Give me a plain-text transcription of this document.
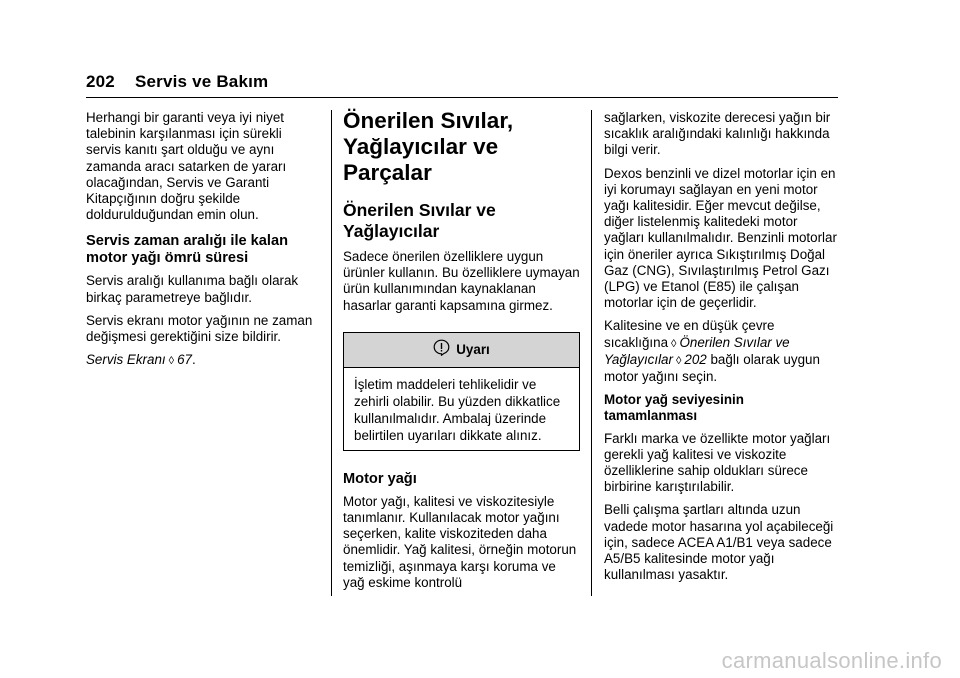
202 Servis ve Bakım

Herhangi bir garanti veya iyi niyet talebinin karşılanması için sürekli servis kanıtı şart olduğu ve aynı zamanda aracı satarken de yararı olacağından, Servis ve Garanti Kitapçığının doğru şekilde doldurulduğundan emin olun.

Servis zaman aralığı ile kalan motor yağı ömrü süresi

Servis aralığı kullanıma bağlı olarak birkaç parametreye bağlıdır.

Servis ekranı motor yağının ne zaman değişmesi gerektiğini size bildirir.

Servis Ekranı ◊ 67.

Önerilen Sıvılar, Yağlayıcılar ve Parçalar
Önerilen Sıvılar ve Yağlayıcılar

Sadece önerilen özelliklere uygun ürünler kullanın. Bu özelliklere uymayan ürün kullanımından kaynaklanan hasarlar garanti kapsamına girmez.

Uyarı
İşletim maddeleri tehlikelidir ve zehirli olabilir. Bu yüzden dikkatlice kullanılmalıdır. Ambalaj üzerinde belirtilen uyarıları dikkate alınız.
Motor yağı

Motor yağı, kalitesi ve viskozitesiyle tanımlanır. Kullanılacak motor yağını seçerken, kalite viskoziteden daha önemlidir. Yağ kalitesi, örneğin motorun temizliği, aşınmaya karşı koruma ve yağ eskime kontrolü

sağlarken, viskozite derecesi yağın bir sıcaklık aralığındaki kalınlığı hakkında bilgi verir.

Dexos benzinli ve dizel motorlar için en iyi korumayı sağlayan en yeni motor yağı kalitesidir. Eğer mevcut değilse, diğer listelenmiş kalitedeki motor yağları kullanılmalıdır. Benzinli motorlar için öneriler ayrıca Sıkıştırılmış Doğal Gaz (CNG), Sıvılaştırılmış Petrol Gazı (LPG) ve Etanol (E85) ile çalışan motorlar için de geçerlidir.

Kalitesine ve en düşük çevre sıcaklığına ◊ Önerilen Sıvılar ve Yağlayıcılar ◊ 202 bağlı olarak uygun motor yağını seçin.

Motor yağ seviyesinin tamamlanması

Farklı marka ve özellikte motor yağları gerekli yağ kalitesi ve viskozite özelliklerine sahip oldukları sürece birbirine karıştırılabilir.

Belli çalışma şartları altında uzun vadede motor hasarına yol açabileceği için, sadece ACEA A1/B1 veya sadece A5/B5 kalitesinde motor yağı kullanılması yasaktır.

carmanualsonline.info
